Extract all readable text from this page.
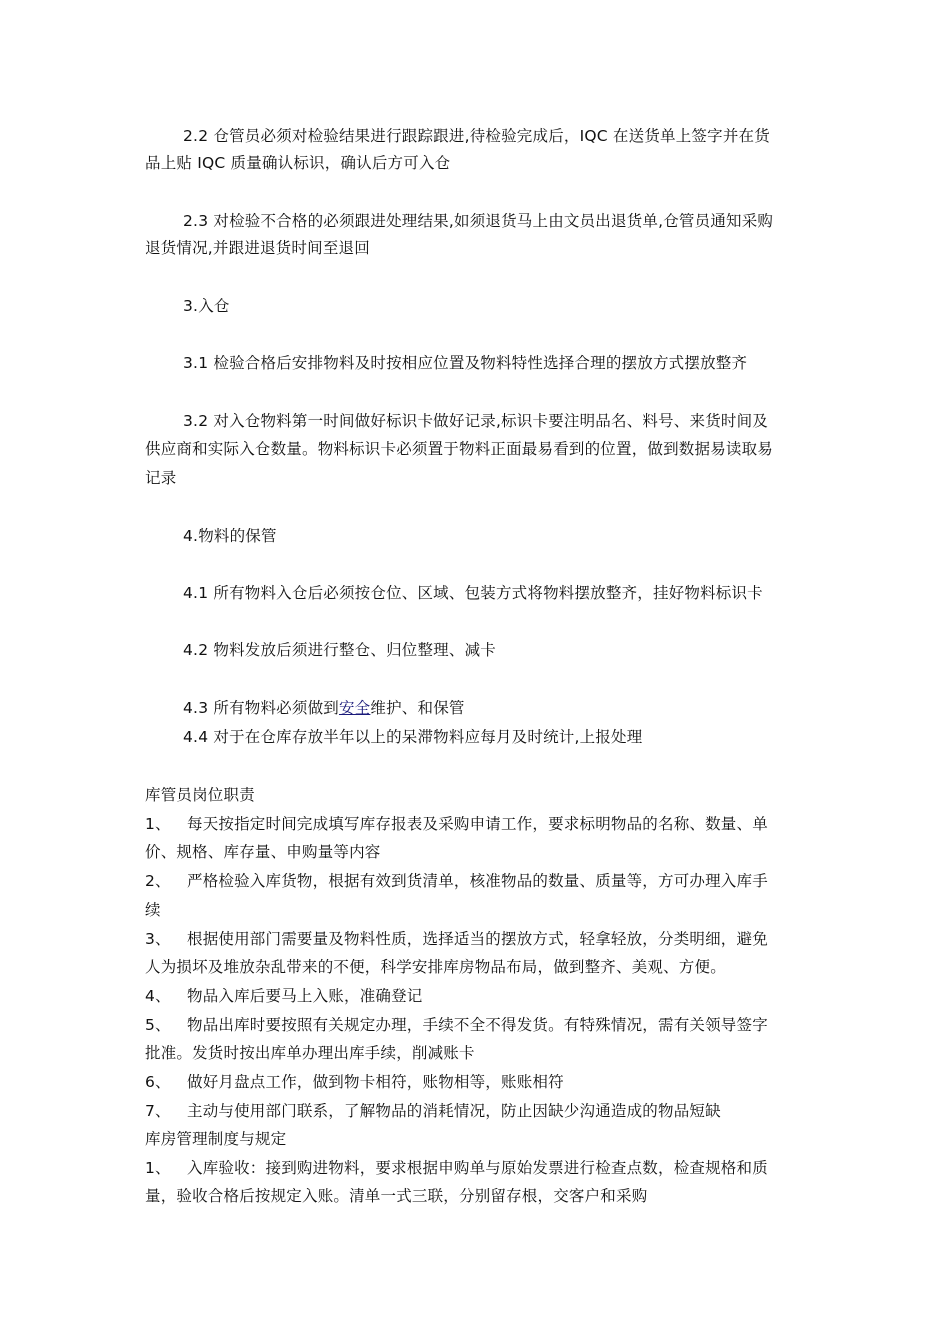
2.2 仓管员必须对检验结果进行跟踪跟进,待检验完成后，IQC 在送货单上签字并在货
品上贴 IQC 质量确认标识，确认后方可入仓
2.3 对检验不合格的必须跟进处理结果,如须退货马上由文员出退货单,仓管员通知采购
退货情况,并跟进退货时间至退回
3.入仓
3.1 检验合格后安排物料及时按相应位置及物料特性选择合理的摆放方式摆放整齐
3.2 对入仓物料第一时间做好标识卡做好记录,标识卡要注明品名、料号、来货时间及
供应商和实际入仓数量。物料标识卡必须置于物料正面最易看到的位置，做到数据易读取易
记录
4.物料的保管
4.1 所有物料入仓后必须按仓位、区域、包装方式将物料摆放整齐，挂好物料标识卡
4.2 物料发放后须进行整仓、归位整理、减卡
4.3 所有物料必须做到安全维护、和保管
4.4 对于在仓库存放半年以上的呆滞物料应每月及时统计,上报处理
库管员岗位职责
1、 每天按指定时间完成填写库存报表及采购申请工作，要求标明物品的名称、数量、单
价、规格、库存量、申购量等内容
2、 严格检验入库货物，根据有效到货清单，核准物品的数量、质量等，方可办理入库手
续
3、 根据使用部门需要量及物料性质，选择适当的摆放方式，轻拿轻放，分类明细，避免
人为损坏及堆放杂乱带来的不便，科学安排库房物品布局，做到整齐、美观、方便。
4、 物品入库后要马上入账，准确登记
5、 物品出库时要按照有关规定办理，手续不全不得发货。有特殊情况，需有关领导签字
批准。发货时按出库单办理出库手续，削减账卡
6、 做好月盘点工作，做到物卡相符，账物相等，账账相符
7、 主动与使用部门联系，了解物品的消耗情况，防止因缺少沟通造成的物品短缺
库房管理制度与规定
1、 入库验收：接到购进物料，要求根据申购单与原始发票进行检查点数，检查规格和质
量，验收合格后按规定入账。清单一式三联，分别留存根，交客户和采购
